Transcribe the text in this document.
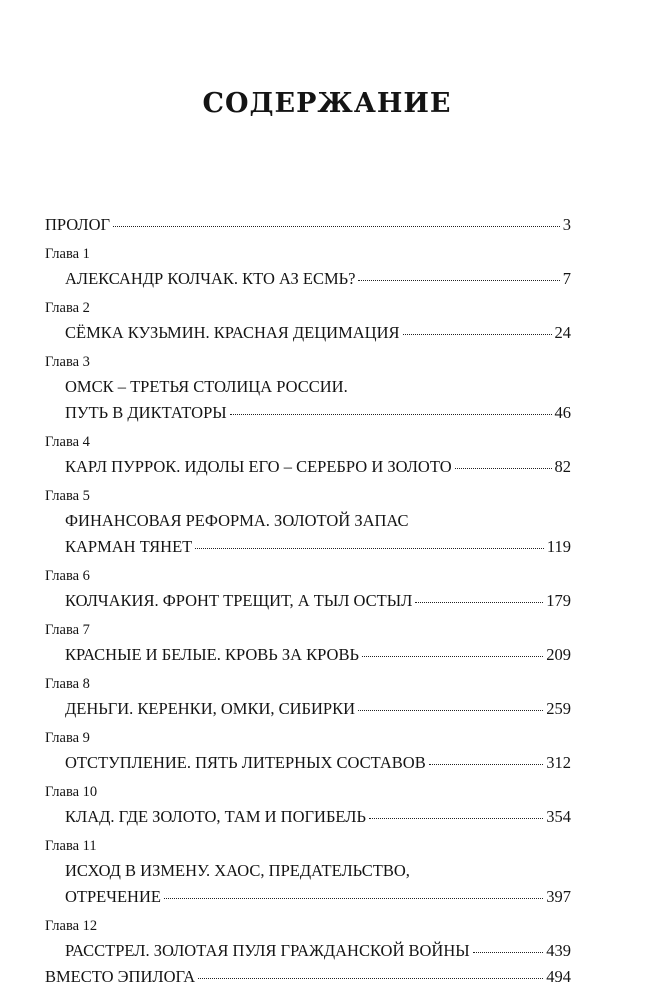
СОДЕРЖАНИЕ
ПРОЛОГ	3
Глава 1
АЛЕКСАНДР КОЛЧАК. КТО АЗ ЕСМЬ?	7
Глава 2
СЁМКА КУЗЬМИН. КРАСНАЯ ДЕЦИМАЦИЯ	24
Глава 3
ОМСК – ТРЕТЬЯ СТОЛИЦА РОССИИ.
ПУТЬ В ДИКТАТОРЫ	46
Глава 4
КАРЛ ПУРРОК. ИДОЛЫ ЕГО – СЕРЕБРО И ЗОЛОТО	82
Глава 5
ФИНАНСОВАЯ РЕФОРМА. ЗОЛОТОЙ ЗАПАС
КАРМАН ТЯНЕТ	119
Глава 6
КОЛЧАКИЯ. ФРОНТ ТРЕЩИТ, А ТЫЛ ОСТЫЛ	179
Глава 7
КРАСНЫЕ И БЕЛЫЕ. КРОВЬ ЗА КРОВЬ	209
Глава 8
ДЕНЬГИ. КЕРЕНКИ, ОМКИ, СИБИРКИ	259
Глава 9
ОТСТУПЛЕНИЕ. ПЯТЬ ЛИТЕРНЫХ СОСТАВОВ	312
Глава 10
КЛАД. ГДЕ ЗОЛОТО, ТАМ И ПОГИБЕЛЬ	354
Глава 11
ИСХОД В ИЗМЕНУ. ХАОС, ПРЕДАТЕЛЬСТВО,
ОТРЕЧЕНИЕ	397
Глава 12
РАССТРЕЛ. ЗОЛОТАЯ ПУЛЯ ГРАЖДАНСКОЙ ВОЙНЫ	439
ВМЕСТО ЭПИЛОГА	494
